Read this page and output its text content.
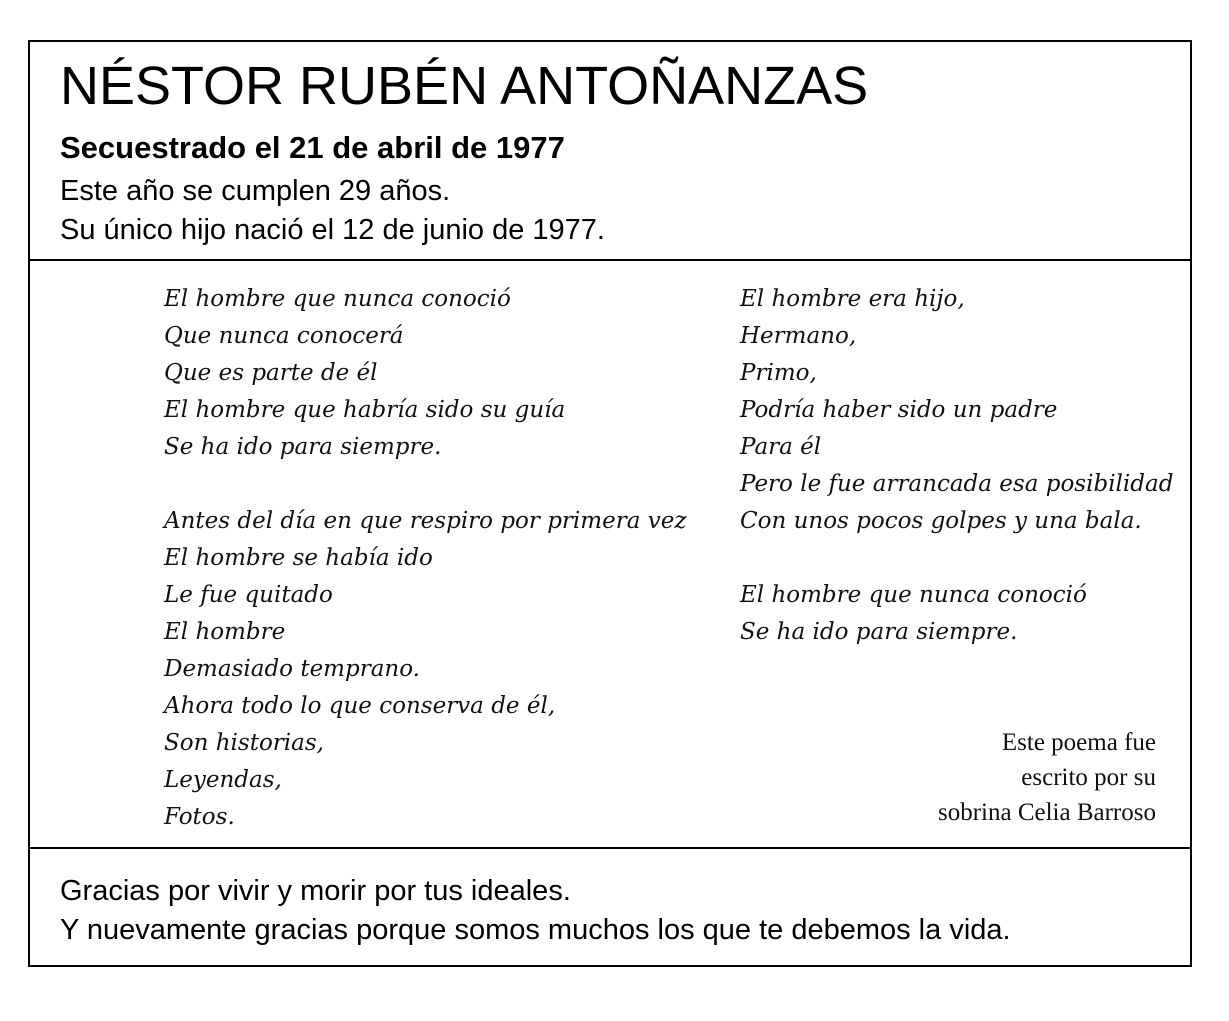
NÉSTOR RUBÉN ANTOÑANZAS
Secuestrado el 21 de abril de 1977
Este año se cumplen 29 años.
Su único hijo nació el 12 de junio de 1977.
El hombre que nunca conoció
Que nunca conocerá
Que es parte de él
El hombre que habría sido su guía
Se ha ido para siempre.
Antes del día en que respiro por primera vez
El hombre se había ido
Le fue quitado
El hombre
Demasiado temprano.
Ahora todo lo que conserva de él,
Son historias,
Leyendas,
Fotos.
El hombre era hijo,
Hermano,
Primo,
Podría haber sido un padre
Para él
Pero le fue arrancada esa posibilidad
Con unos pocos golpes y una bala.
El hombre que nunca conoció
Se ha ido para siempre.
Este poema fue
escrito por su
sobrina Celia Barroso
Gracias por vivir y morir por tus ideales.
Y nuevamente gracias porque somos muchos los que te debemos la vida.
